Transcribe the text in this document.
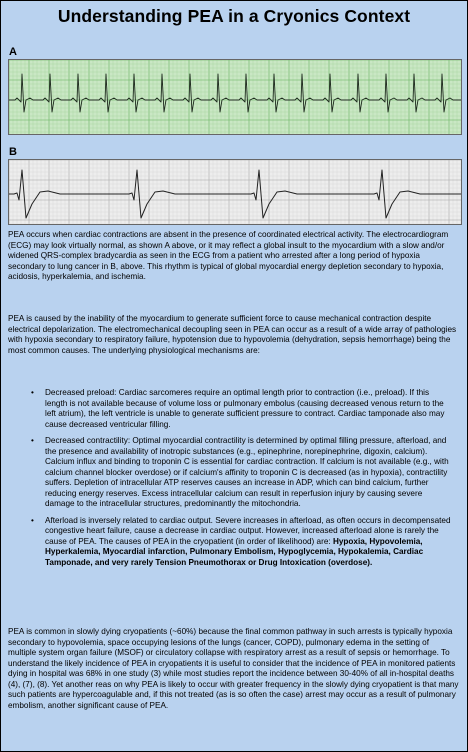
Understanding PEA in a Cryonics Context
A
B
PEA occurs when cardiac contractions are absent in the presence of coordinated electrical activity. The electrocardiogram (ECG) may look virtually normal, as shown A above, or it may reflect a global insult to the myocardium with a slow and/or widened QRS-complex bradycardia as seen in the ECG from a patient who arrested after a long period of hypoxia secondary to lung cancer in B, above. This rhythm is typical of global myocardial energy depletion secondary to hypoxia, acidosis, hyperkalemia, and ischemia.
PEA is caused by the inability of the myocardium to generate sufficient force to cause mechanical contraction despite electrical depolarization. The electromechanical decoupling seen in PEA can occur as a result of a wide array of pathologies with hypoxia secondary to respiratory failure, hypotension due to hypovolemia (dehydration, sepsis hemorrhage) being the most common causes. The underlying physiological mechanisms are:
• Decreased preload: Cardiac sarcomeres require an optimal length prior to contraction (i.e., preload). If this length is not available because of volume loss or pulmonary embolus (causing decreased venous return to the left atrium), the left ventricle is unable to generate sufficient pressure to contract. Cardiac tamponade also may cause decreased ventricular filling.
• Decreased contractility: Optimal myocardial contractility is determined by optimal filling pressure, afterload, and the presence and availability of inotropic substances (e.g., epinephrine, norepinephrine, digoxin, calcium). Calcium influx and binding to troponin C is essential for cardiac contraction. If calcium is not available (e.g., with calcium channel blocker overdose) or if calcium's affinity to troponin C is decreased (as in hypoxia), contractility suffers. Depletion of intracellular ATP reserves causes an increase in ADP, which can bind calcium, further reducing energy reserves. Excess intracellular calcium can result in reperfusion injury by causing severe damage to the intracellular structures, predominantly the mitochondria.
• Afterload is inversely related to cardiac output. Severe increases in afterload, as often occurs in decompensated congestive heart failure, cause a decrease in cardiac output. However, increased afterload alone is rarely the cause of PEA. The causes of PEA in the cryopatient (in order of likelihood) are: Hypoxia, Hypovolemia, Hyperkalemia, Myocardial infarction, Pulmonary Embolism, Hypoglycemia, Hypokalemia, Cardiac Tamponade, and very rarely Tension Pneumothorax or Drug Intoxication (overdose).
PEA is common in slowly dying cryopatients (~60%) because the final common pathway in such arrests is typically hypoxia secondary to hypovolemia, space occupying lesions of the lungs (cancer, COPD), pulmonary edema in the setting of multiple system organ failure (MSOF) or circulatory collapse with respiratory arrest as a result of sepsis or hemorrhage. To understand the likely incidence of PEA in cryopatients it is useful to consider that the incidence of PEA in monitored patients dying in hospital was 68% in one study (3) while most studies report the incidence between 30-40% of all in-hospital deaths (4), (7), (8). Yet another reas on why PEA is likely to occur with greater frequency in the slowly dying cryopatient is that many such patients are hypercoagulable and, if this not treated (as is so often the case) arrest may occur as a result of pulmonary embolism, another significant cause of PEA.
